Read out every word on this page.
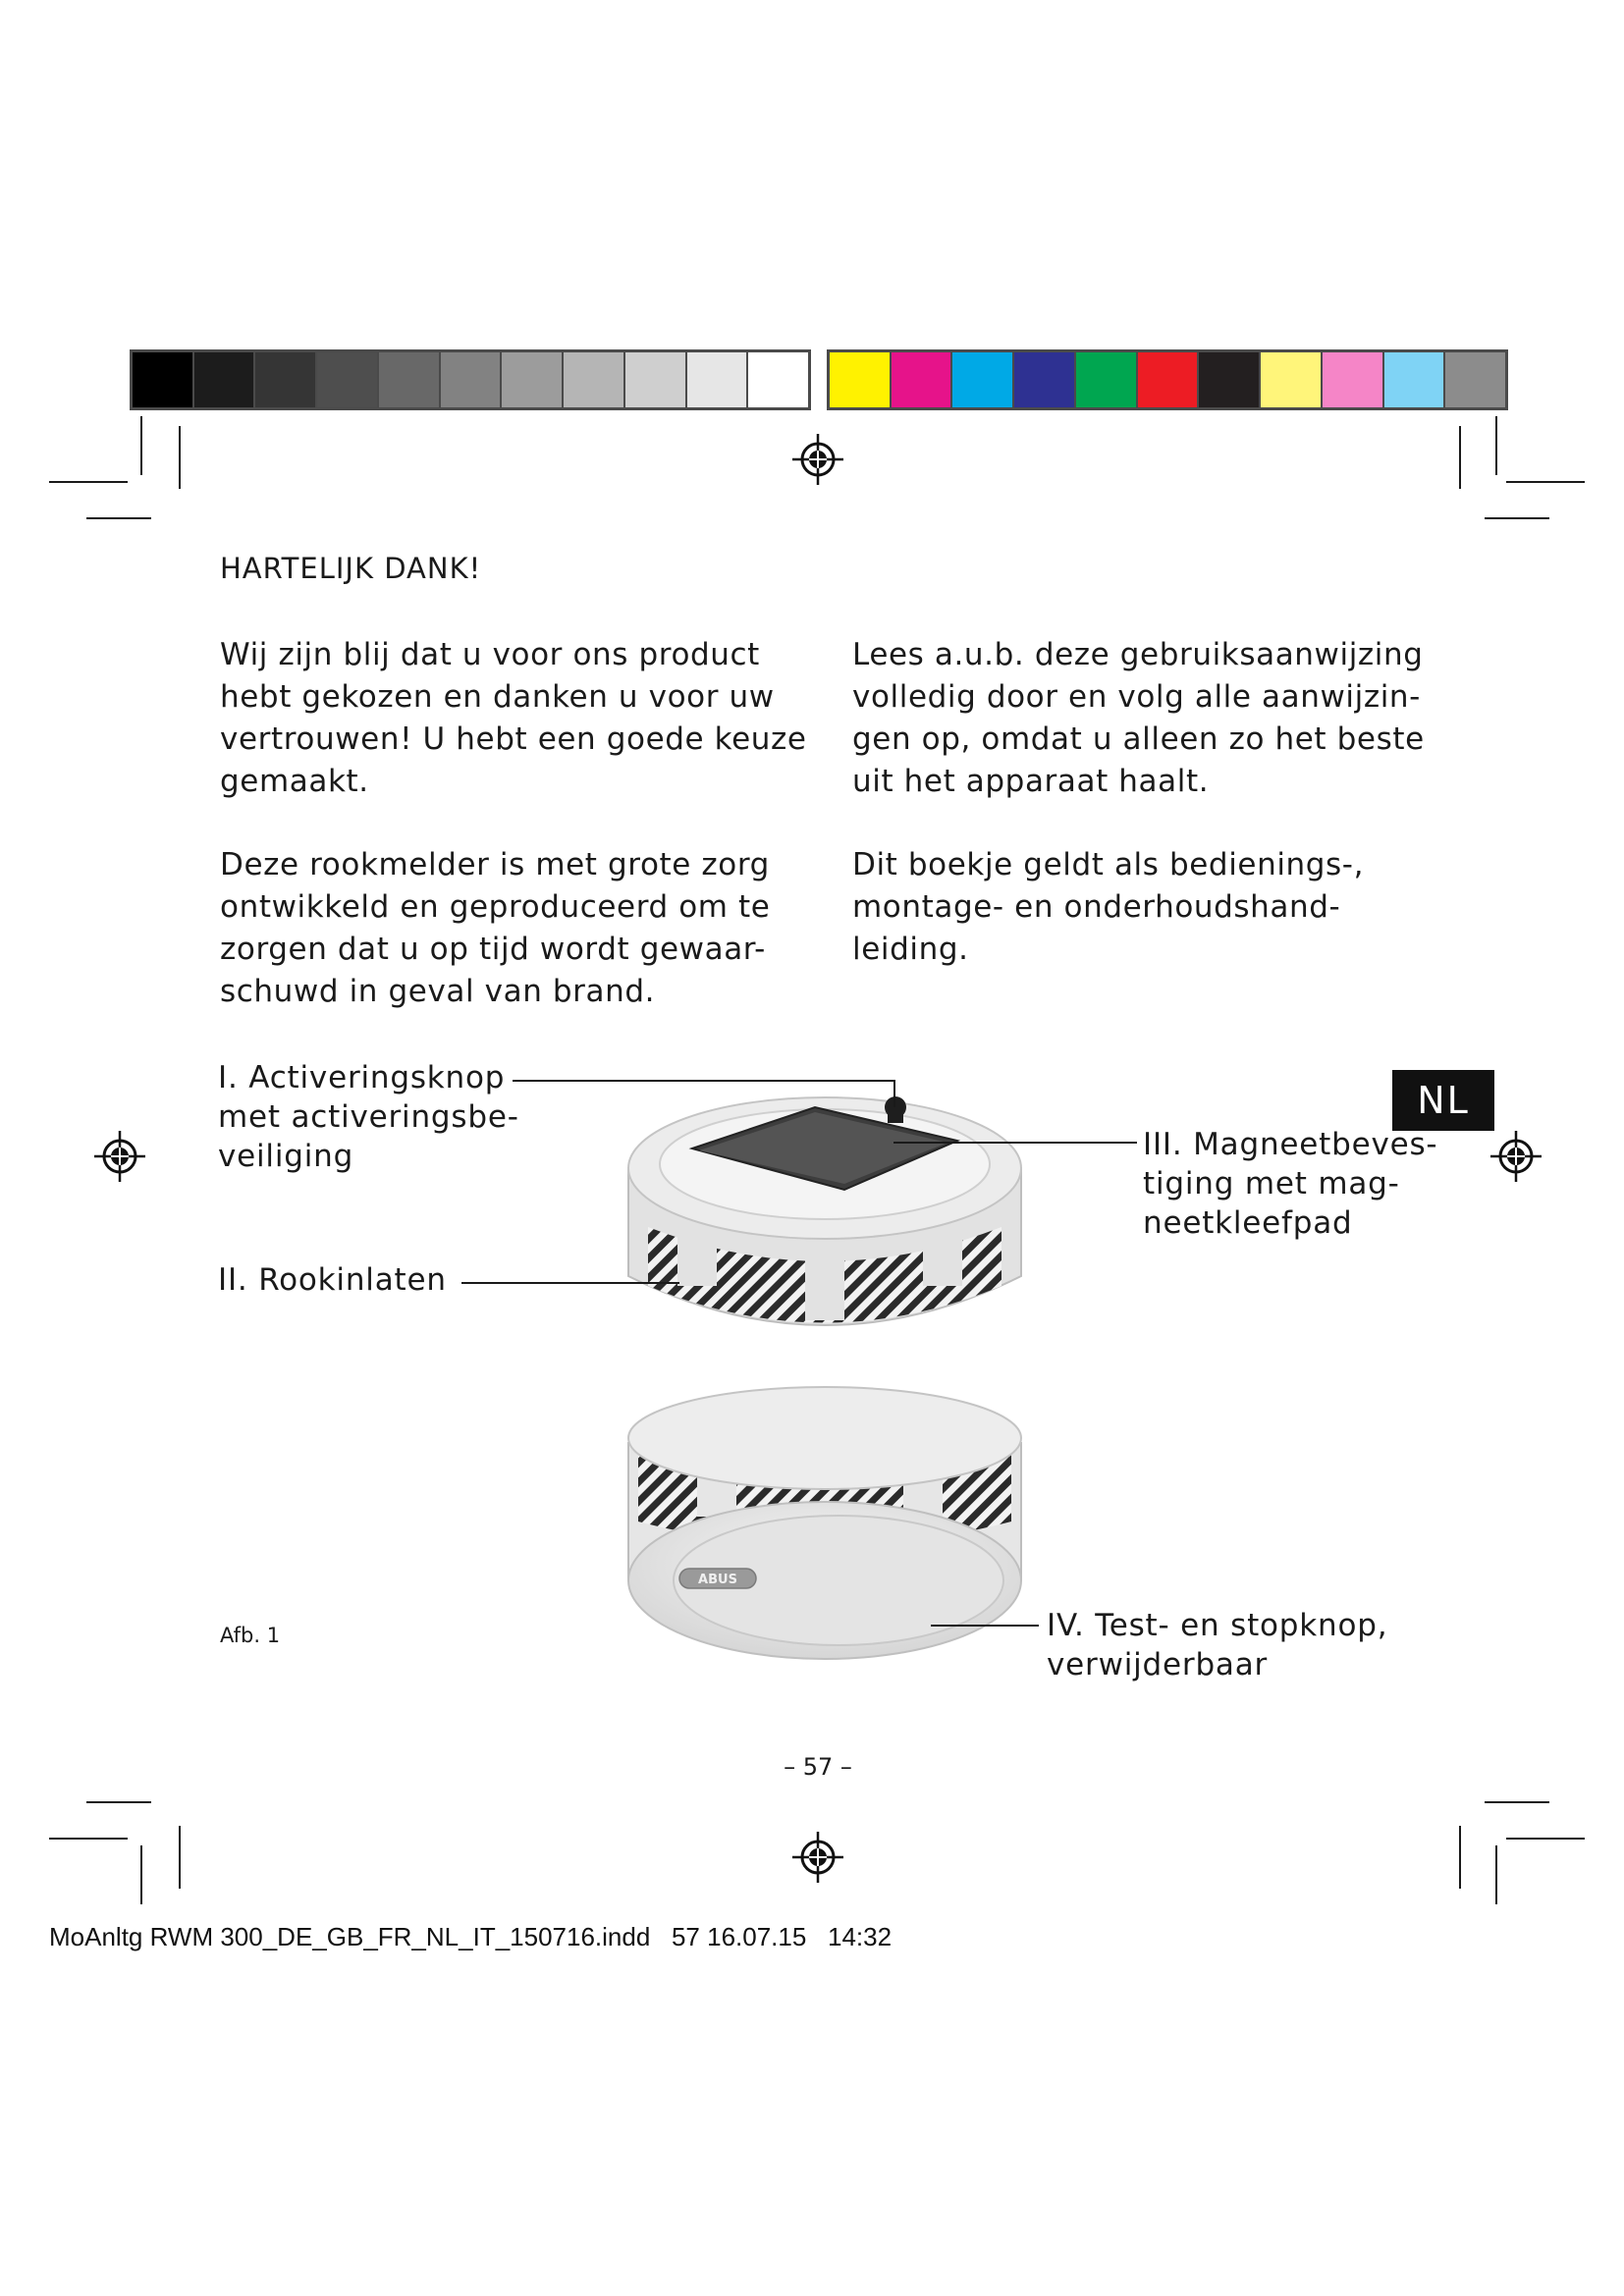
HARTELIJK DANK!
Wij zijn blij dat u voor ons product
hebt gekozen en danken u voor uw
vertrouwen! U hebt een goede keuze
gemaakt.
Deze rookmelder is met grote zorg
ontwikkeld en geproduceerd om te
zorgen dat u op tijd wordt gewaar-
schuwd in geval van brand.
Lees a.u.b. deze gebruiksaanwijzing
volledig door en volg alle aanwijzin-
gen op, omdat u alleen zo het beste
uit het apparaat haalt.
Dit boekje geldt als bedienings-,
montage- en onderhoudshand-
leiding.
NL
ABUS
I. Activeringsknop
met activeringsbe-
veiliging
II. Rookinlaten
III. Magneetbeves-
tiging met mag-
neetkleefpad
IV. Test- en stopknop,
verwijderbaar
Afb. 1
– 57 –
MoAnltg RWM 300_DE_GB_FR_NL_IT_150716.indd   57 16.07.15   14:32
